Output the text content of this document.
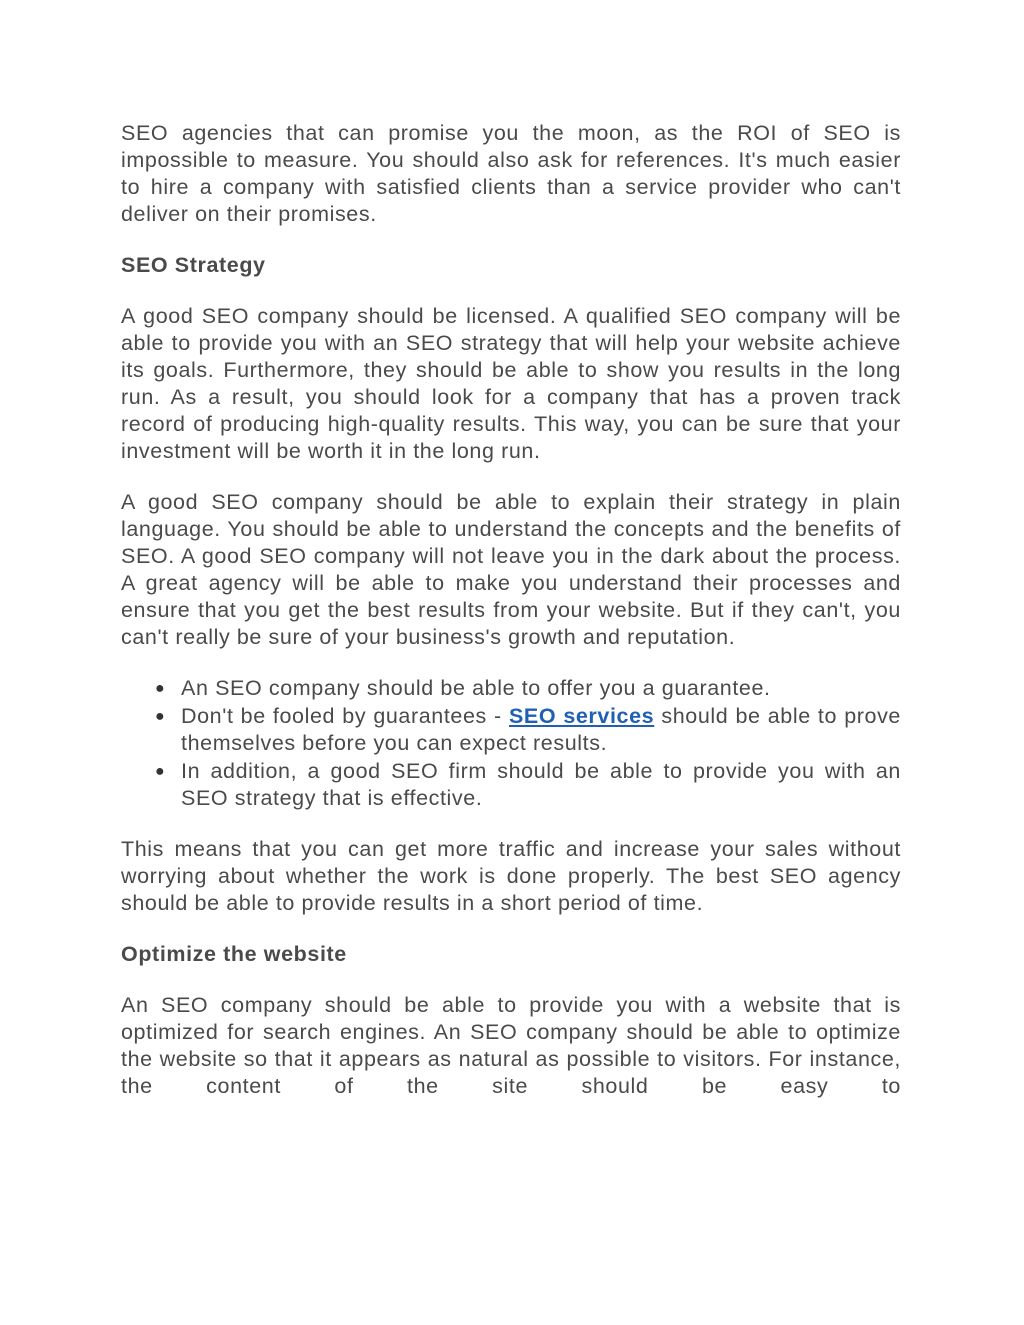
SEO agencies that can promise you the moon, as the ROI of SEO is impossible to measure. You should also ask for references. It's much easier to hire a company with satisfied clients than a service provider who can't deliver on their promises.

SEO Strategy

A good SEO company should be licensed. A qualified SEO company will be able to provide you with an SEO strategy that will help your website achieve its goals. Furthermore, they should be able to show you results in the long run. As a result, you should look for a company that has a proven track record of producing high-quality results. This way, you can be sure that your investment will be worth it in the long run.

A good SEO company should be able to explain their strategy in plain language. You should be able to understand the concepts and the benefits of SEO. A good SEO company will not leave you in the dark about the process. A great agency will be able to make you understand their processes and ensure that you get the best results from your website. But if they can't, you can't really be sure of your business's growth and reputation.

● An SEO company should be able to offer you a guarantee.
● Don't be fooled by guarantees - SEO services should be able to prove themselves before you can expect results.
● In addition, a good SEO firm should be able to provide you with an SEO strategy that is effective.

This means that you can get more traffic and increase your sales without worrying about whether the work is done properly. The best SEO agency should be able to provide results in a short period of time.

Optimize the website

An SEO company should be able to provide you with a website that is optimized for search engines. An SEO company should be able to optimize the website so that it appears as natural as possible to visitors. For instance, the content of the site should be easy to
